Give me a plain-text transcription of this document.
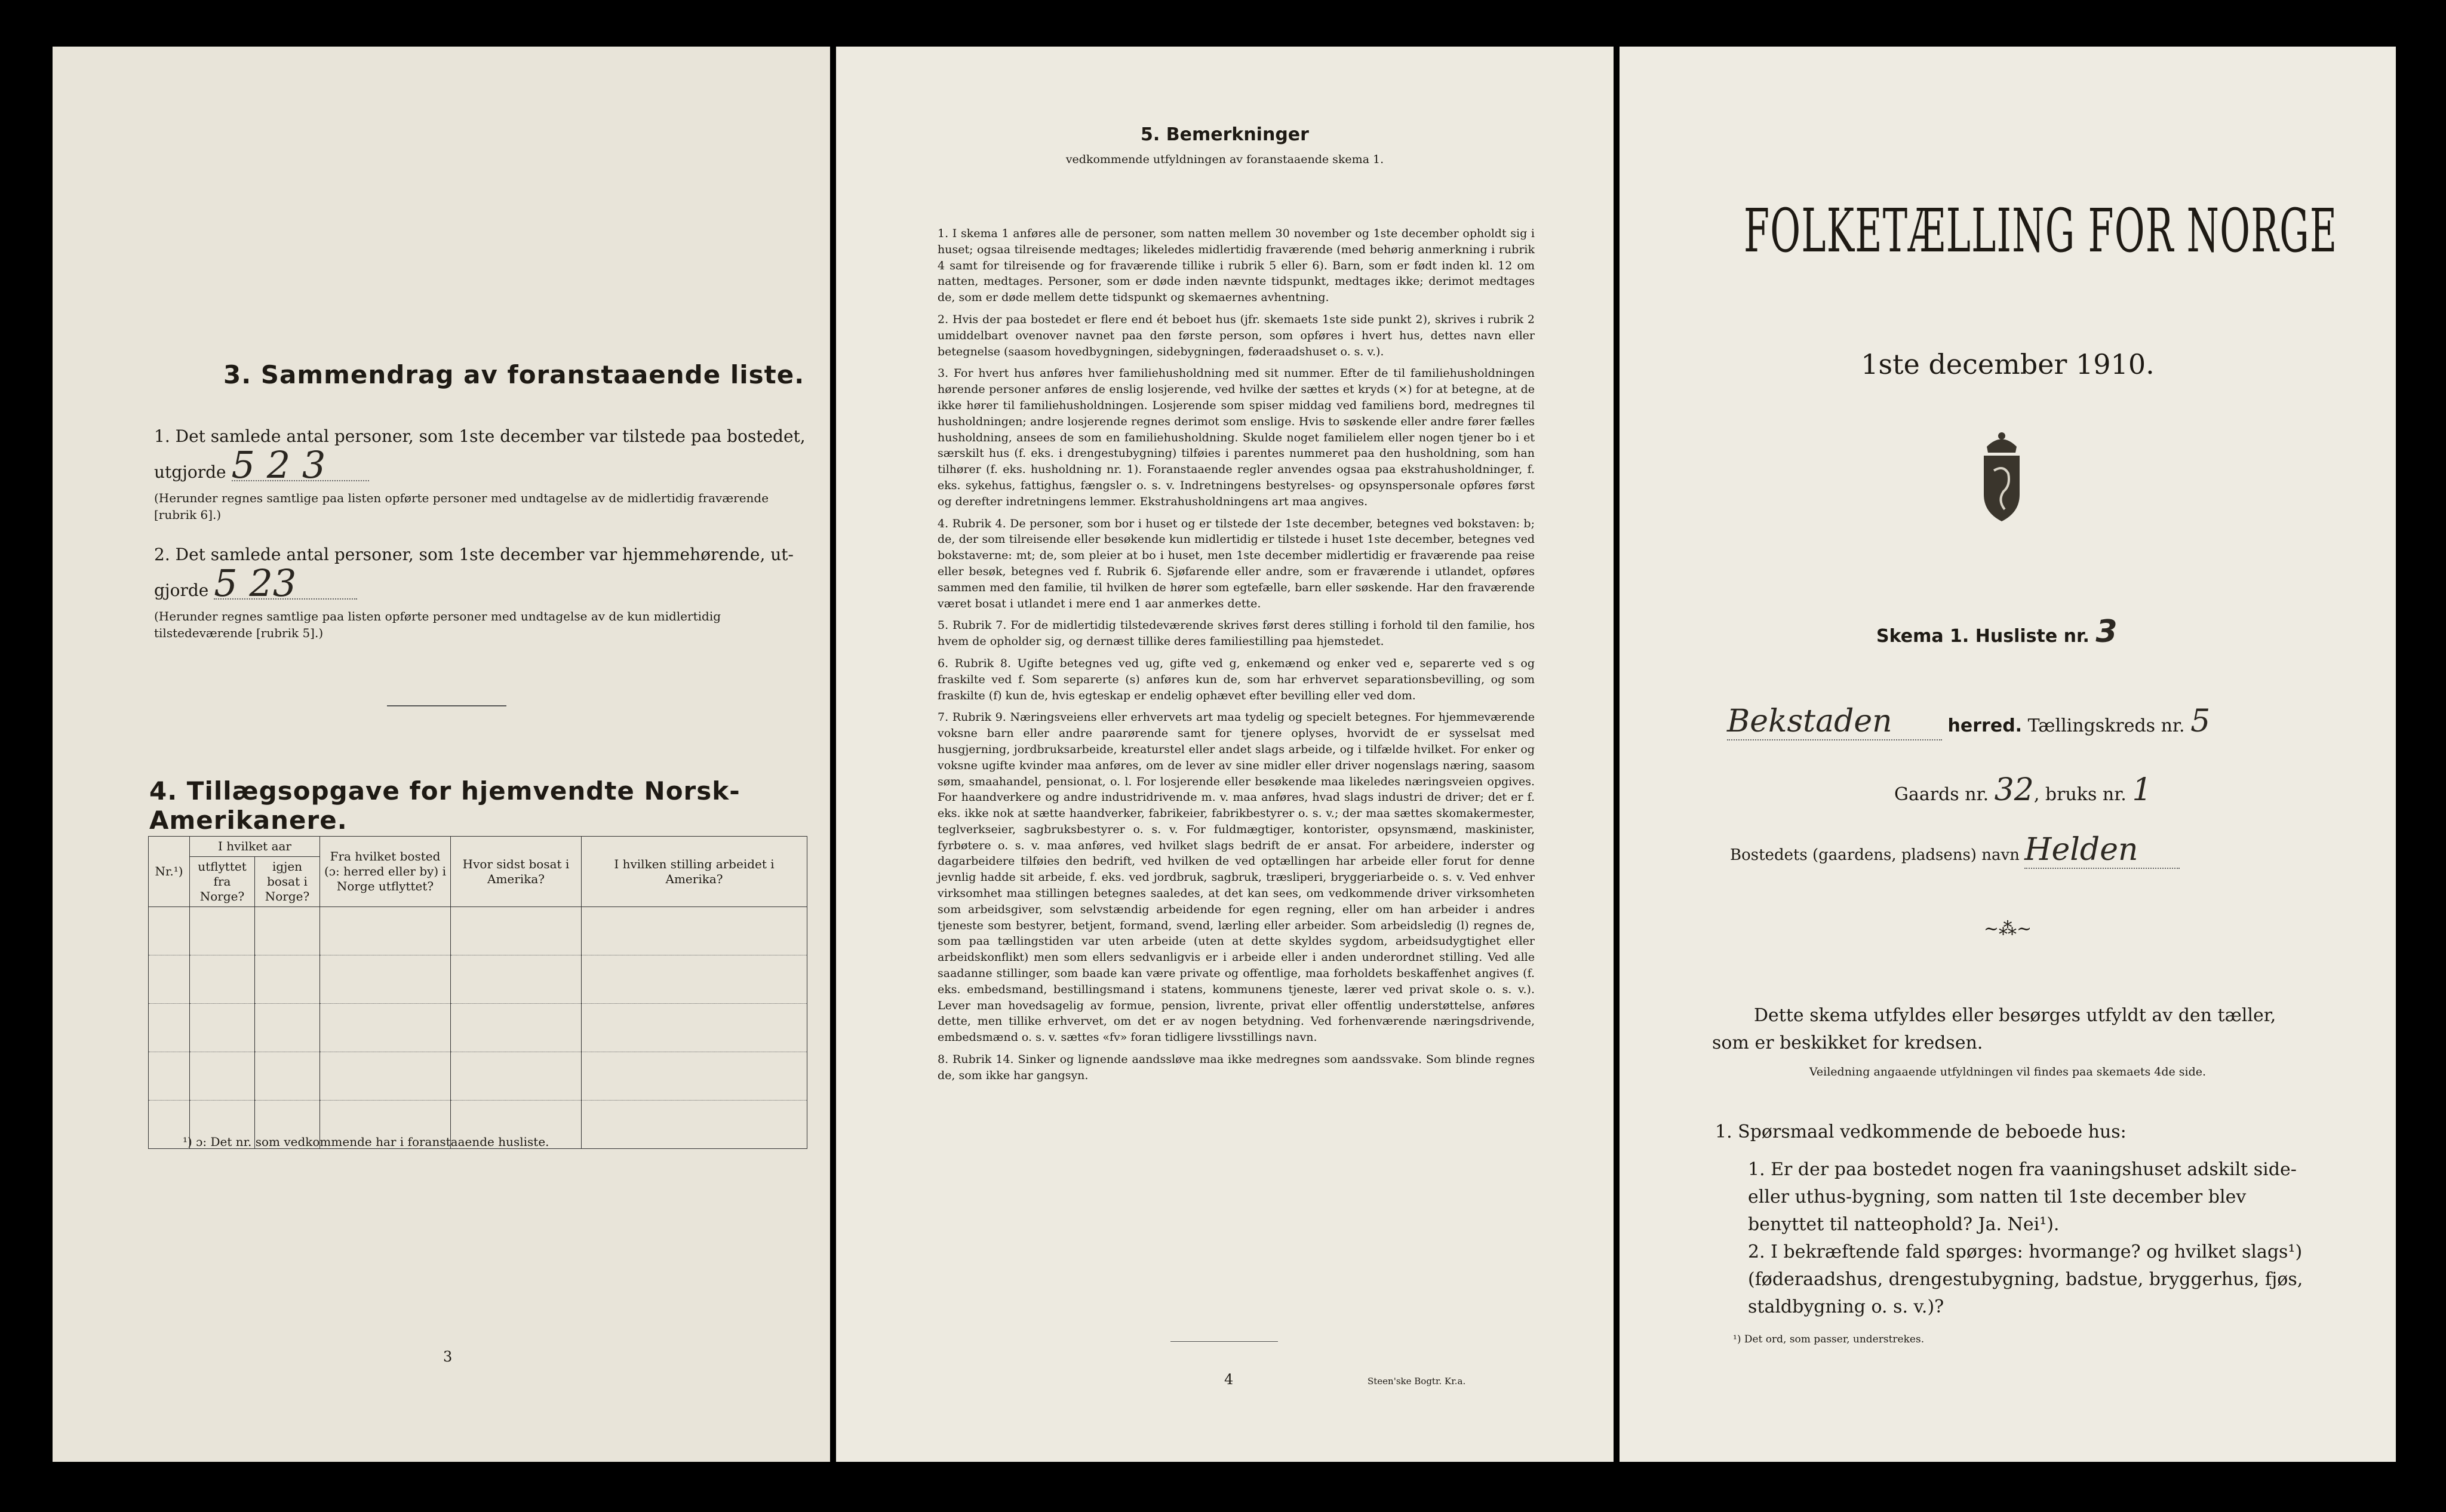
3. Sammendrag av foranstaaende liste.
1. Det samlede antal personer, som 1ste december var tilstede paa bostedet,
utgjorde 5 2 3
(Herunder regnes samtlige paa listen opførte personer med undtagelse av de midlertidig fraværende [rubrik 6].)
2. Det samlede antal personer, som 1ste december var hjemmehørende, ut-
gjorde 5 23
(Herunder regnes samtlige paa listen opførte personer med undtagelse av de kun midlertidig tilstedeværende [rubrik 5].)
4. Tillægsopgave for hjemvendte Norsk-Amerikanere.
Nr.¹)	I hvilket aar		Fra hvilket bosted (ɔ: herred eller by) i Norge utflyttet?	Hvor sidst bosat i Amerika?	I hvilken stilling arbeidet i Amerika?
	utflyttet fra Norge?	igjen bosat i Norge?			

¹) ɔ: Det nr. som vedkommende har i foranstaaende husliste.
3
5. Bemerkninger
vedkommende utfyldningen av foranstaaende skema 1.

1. I skema 1 anføres alle de personer, som natten mellem 30 november og 1ste december opholdt sig i huset; ogsaa tilreisende medtages; likeledes midlertidig fraværende (med behørig anmerkning i rubrik 4 samt for tilreisende og for fraværende tillike i rubrik 5 eller 6). Barn, som er født inden kl. 12 om natten, medtages. Personer, som er døde inden nævnte tidspunkt, medtages ikke; derimot medtages de, som er døde mellem dette tidspunkt og skemaernes avhentning.

2. Hvis der paa bostedet er flere end ét beboet hus (jfr. skemaets 1ste side punkt 2), skrives i rubrik 2 umiddelbart ovenover navnet paa den første person, som opføres i hvert hus, dettes navn eller betegnelse (saasom hovedbygningen, sidebygningen, føderaadshuset o. s. v.).

3. For hvert hus anføres hver familiehusholdning med sit nummer. Efter de til familiehusholdningen hørende personer anføres de enslig losjerende, ved hvilke der sættes et kryds (×) for at betegne, at de ikke hører til familiehusholdningen. Losjerende som spiser middag ved familiens bord, medregnes til husholdningen; andre losjerende regnes derimot som enslige. Hvis to søskende eller andre fører fælles husholdning, ansees de som en familiehusholdning. Skulde noget familielem eller nogen tjener bo i et særskilt hus (f. eks. i drengestubygning) tilføies i parentes nummeret paa den husholdning, som han tilhører (f. eks. husholdning nr. 1). Foranstaaende regler anvendes ogsaa paa ekstrahusholdninger, f. eks. sykehus, fattighus, fængsler o. s. v. Indretningens bestyrelses- og opsynspersonale opføres først og derefter indretningens lemmer. Ekstrahusholdningens art maa angives.

4. Rubrik 4. De personer, som bor i huset og er tilstede der 1ste december, betegnes ved bokstaven: b; de, der som tilreisende eller besøkende kun midlertidig er tilstede i huset 1ste december, betegnes ved bokstaverne: mt; de, som pleier at bo i huset, men 1ste december midlertidig er fraværende paa reise eller besøk, betegnes ved f. Rubrik 6. Sjøfarende eller andre, som er fraværende i utlandet, opføres sammen med den familie, til hvilken de hører som egtefælle, barn eller søskende. Har den fraværende været bosat i utlandet i mere end 1 aar anmerkes dette.

5. Rubrik 7. For de midlertidig tilstedeværende skrives først deres stilling i forhold til den familie, hos hvem de opholder sig, og dernæst tillike deres familiestilling paa hjemstedet.

6. Rubrik 8. Ugifte betegnes ved ug, gifte ved g, enkemænd og enker ved e, separerte ved s og fraskilte ved f. Som separerte (s) anføres kun de, som har erhvervet separationsbevilling, og som fraskilte (f) kun de, hvis egteskap er endelig ophævet efter bevilling eller ved dom.

7. Rubrik 9. Næringsveiens eller erhvervets art maa tydelig og specielt betegnes. For hjemmeværende voksne barn eller andre paarørende samt for tjenere oplyses, hvorvidt de er sysselsat med husgjerning, jordbruksarbeide, kreaturstel eller andet slags arbeide, og i tilfælde hvilket. For enker og voksne ugifte kvinder maa anføres, om de lever av sine midler eller driver nogenslags næring, saasom søm, smaahandel, pensionat, o. l. For losjerende eller besøkende maa likeledes næringsveien opgives. For haandverkere og andre industridrivende m. v. maa anføres, hvad slags industri de driver; det er f. eks. ikke nok at sætte haandverker, fabrikeier, fabrikbestyrer o. s. v.; der maa sættes skomakermester, teglverkseier, sagbruksbestyrer o. s. v. For fuldmægtiger, kontorister, opsynsmænd, maskinister, fyrbøtere o. s. v. maa anføres, ved hvilket slags bedrift de er ansat. For arbeidere, inderster og dagarbeidere tilføies den bedrift, ved hvilken de ved optællingen har arbeide eller forut for denne jevnlig hadde sit arbeide, f. eks. ved jordbruk, sagbruk, træsliperi, bryggeriarbeide o. s. v. Ved enhver virksomhet maa stillingen betegnes saaledes, at det kan sees, om vedkommende driver virksomheten som arbeidsgiver, som selvstændig arbeidende for egen regning, eller om han arbeider i andres tjeneste som bestyrer, betjent, formand, svend, lærling eller arbeider. Som arbeidsledig (l) regnes de, som paa tællingstiden var uten arbeide (uten at dette skyldes sygdom, arbeidsudygtighet eller arbeidskonflikt) men som ellers sedvanligvis er i arbeide eller i anden underordnet stilling. Ved alle saadanne stillinger, som baade kan være private og offentlige, maa forholdets beskaffenhet angives (f. eks. embedsmand, bestillingsmand i statens, kommunens tjeneste, lærer ved privat skole o. s. v.). Lever man hovedsagelig av formue, pension, livrente, privat eller offentlig understøttelse, anføres dette, men tillike erhvervet, om det er av nogen betydning. Ved forhenværende næringsdrivende, embedsmænd o. s. v. sættes «fv» foran tidligere livsstillings navn.

8. Rubrik 14. Sinker og lignende aandssløve maa ikke medregnes som aandssvake. Som blinde regnes de, som ikke har gangsyn.

4	Steen'ske Bogtr. Kr.a.
FOLKETÆLLING FOR NORGE
1ste december 1910.
Skema 1. Husliste nr. 3
Bekstaden	herred. Tællingskreds nr. 5
Gaards nr. 32, bruks nr. 1
Bostedets (gaardens, pladsens) navn Helden
~⁂~
Dette skema utfyldes eller besørges utfyldt av den tæller, som er beskikket for kredsen.
Veiledning angaaende utfyldningen vil findes paa skemaets 4de side.
1. Spørsmaal vedkommende de beboede hus:
1. Er der paa bostedet nogen fra vaaningshuset adskilt side- eller uthus-bygning, som natten til 1ste december blev benyttet til natteophold? Ja. Nei¹).
2. I bekræftende fald spørges: hvormange? og hvilket slags¹) (føderaadshus, drengestubygning, badstue, bryggerhus, fjøs, staldbygning o. s. v.)?
¹) Det ord, som passer, understrekes.
